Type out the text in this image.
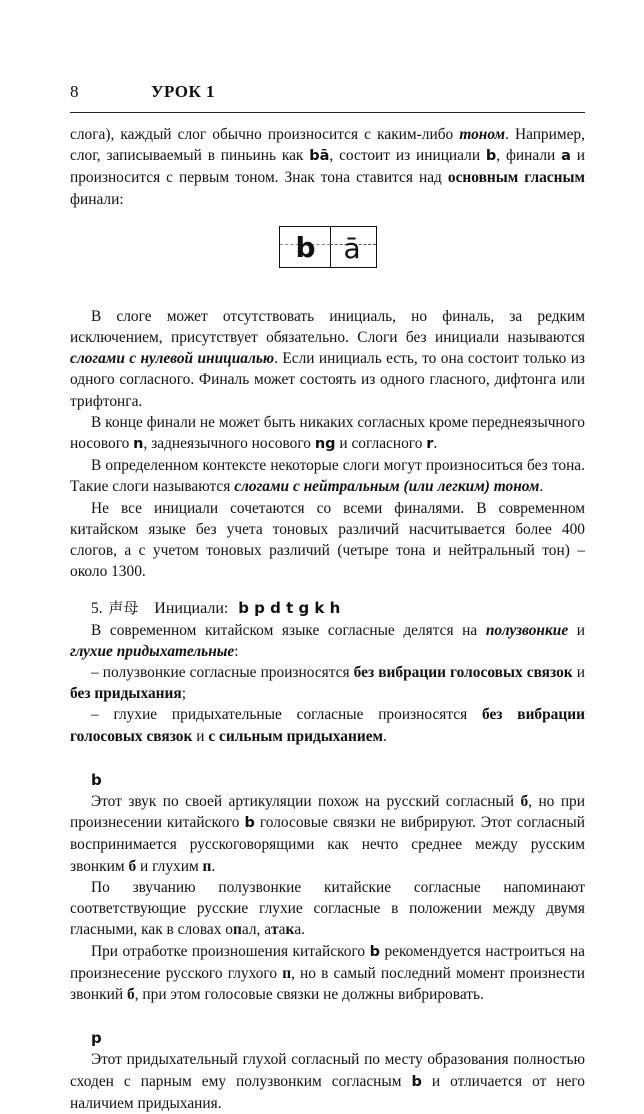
8	УРОК 1

слога), каждый слог обычно произносится с каким-либо тоном. Например, слог, записываемый в пиньинь как bā, состоит из инициали b, финали a и произносится с первым тоном. Знак тона ставится над основным гласным финали:

b ā

В слоге может отсутствовать инициаль, но финаль, за редким исключением, присутствует обязательно. Слоги без инициали называются слогами с нулевой инициалью. Если инициаль есть, то она состоит только из одного согласного. Финаль может состоять из одного гласного, дифтонга или трифтонга.

В конце финали не может быть никаких согласных кроме переднеязычного носового n, заднеязычного носового ng и согласного r.

В определенном контексте некоторые слоги могут произноситься без тона. Такие слоги называются слогами с нейтральным (или легким) тоном.

Не все инициали сочетаются со всеми финалями. В современном китайском языке без учета тоновых различий насчитывается более 400 слогов, а с учетом тоновых различий (четыре тона и нейтральный тон) – около 1300.

5. 声母 Инициали: b p d t g k h

В современном китайском языке согласные делятся на полузвонкие и глухие придыхательные:

– полузвонкие согласные произносятся без вибрации голосовых связок и без придыхания;

– глухие придыхательные согласные произносятся без вибрации голосовых связок и с сильным придыханием.

b

Этот звук по своей артикуляции похож на русский согласный б, но при произнесении китайского b голосовые связки не вибрируют. Этот согласный воспринимается русскоговорящими как нечто среднее между русским звонким б и глухим п.

По звучанию полузвонкие китайские согласные напоминают соответствующие русские глухие согласные в положении между двумя гласными, как в словах опал, атака.

При отработке произношения китайского b рекомендуется настроиться на произнесение русского глухого п, но в самый последний момент произнести звонкий б, при этом голосовые связки не должны вибрировать.

p

Этот придыхательный глухой согласный по месту образования полностью сходен с парным ему полузвонким согласным b и отличается от него наличием придыхания.
